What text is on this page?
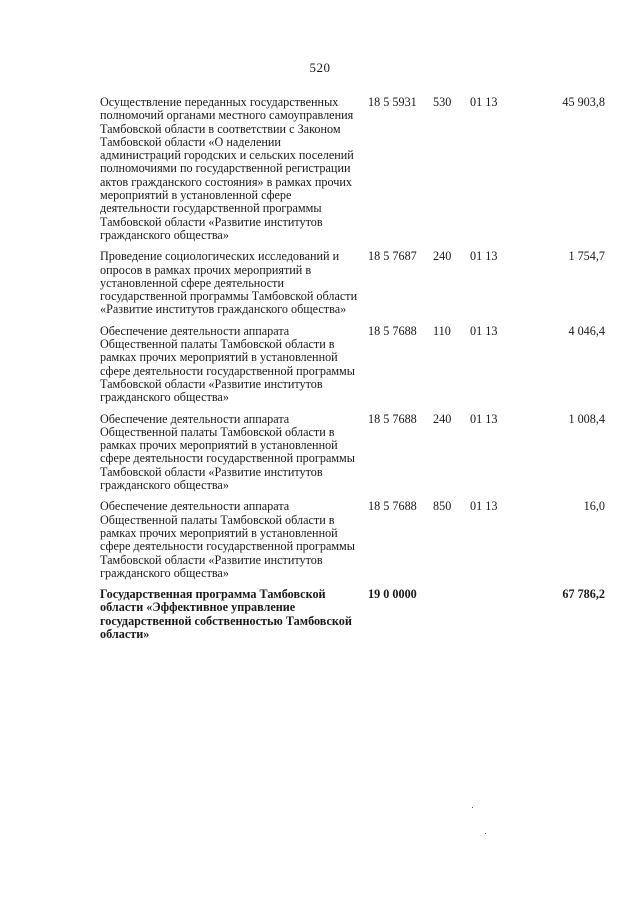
520
Осуществление переданных государственных полномочий органами местного самоуправления Тамбовской области в соответствии с Законом Тамбовской области «О наделении администраций городских и сельских поселений полномочиями по государственной регистрации актов гражданского состояния» в рамках прочих мероприятий в установленной сфере деятельности государственной программы Тамбовской области «Развитие институтов гражданского общества»
18 5 5931 530 01 13	45 903,8
Проведение социологических исследований и опросов в рамках прочих мероприятий в установленной сфере деятельности государственной программы Тамбовской области «Развитие институтов гражданского общества»
18 5 7687 240 01 13	1 754,7
Обеспечение деятельности аппарата Общественной палаты Тамбовской области в рамках прочих мероприятий в установленной сфере деятельности государственной программы Тамбовской области «Развитие институтов гражданского общества»
18 5 7688 110 01 13	4 046,4
Обеспечение деятельности аппарата Общественной палаты Тамбовской области в рамках прочих мероприятий в установленной сфере деятельности государственной программы Тамбовской области «Развитие институтов гражданского общества»
18 5 7688 240 01 13	1 008,4
Обеспечение деятельности аппарата Общественной палаты Тамбовской области в рамках прочих мероприятий в установленной сфере деятельности государственной программы Тамбовской области «Развитие институтов гражданского общества»
18 5 7688 850 01 13	16,0
Государственная программа Тамбовской области «Эффективное управление государственной собственностью Тамбовской области»
19 0 0000	67 786,2
